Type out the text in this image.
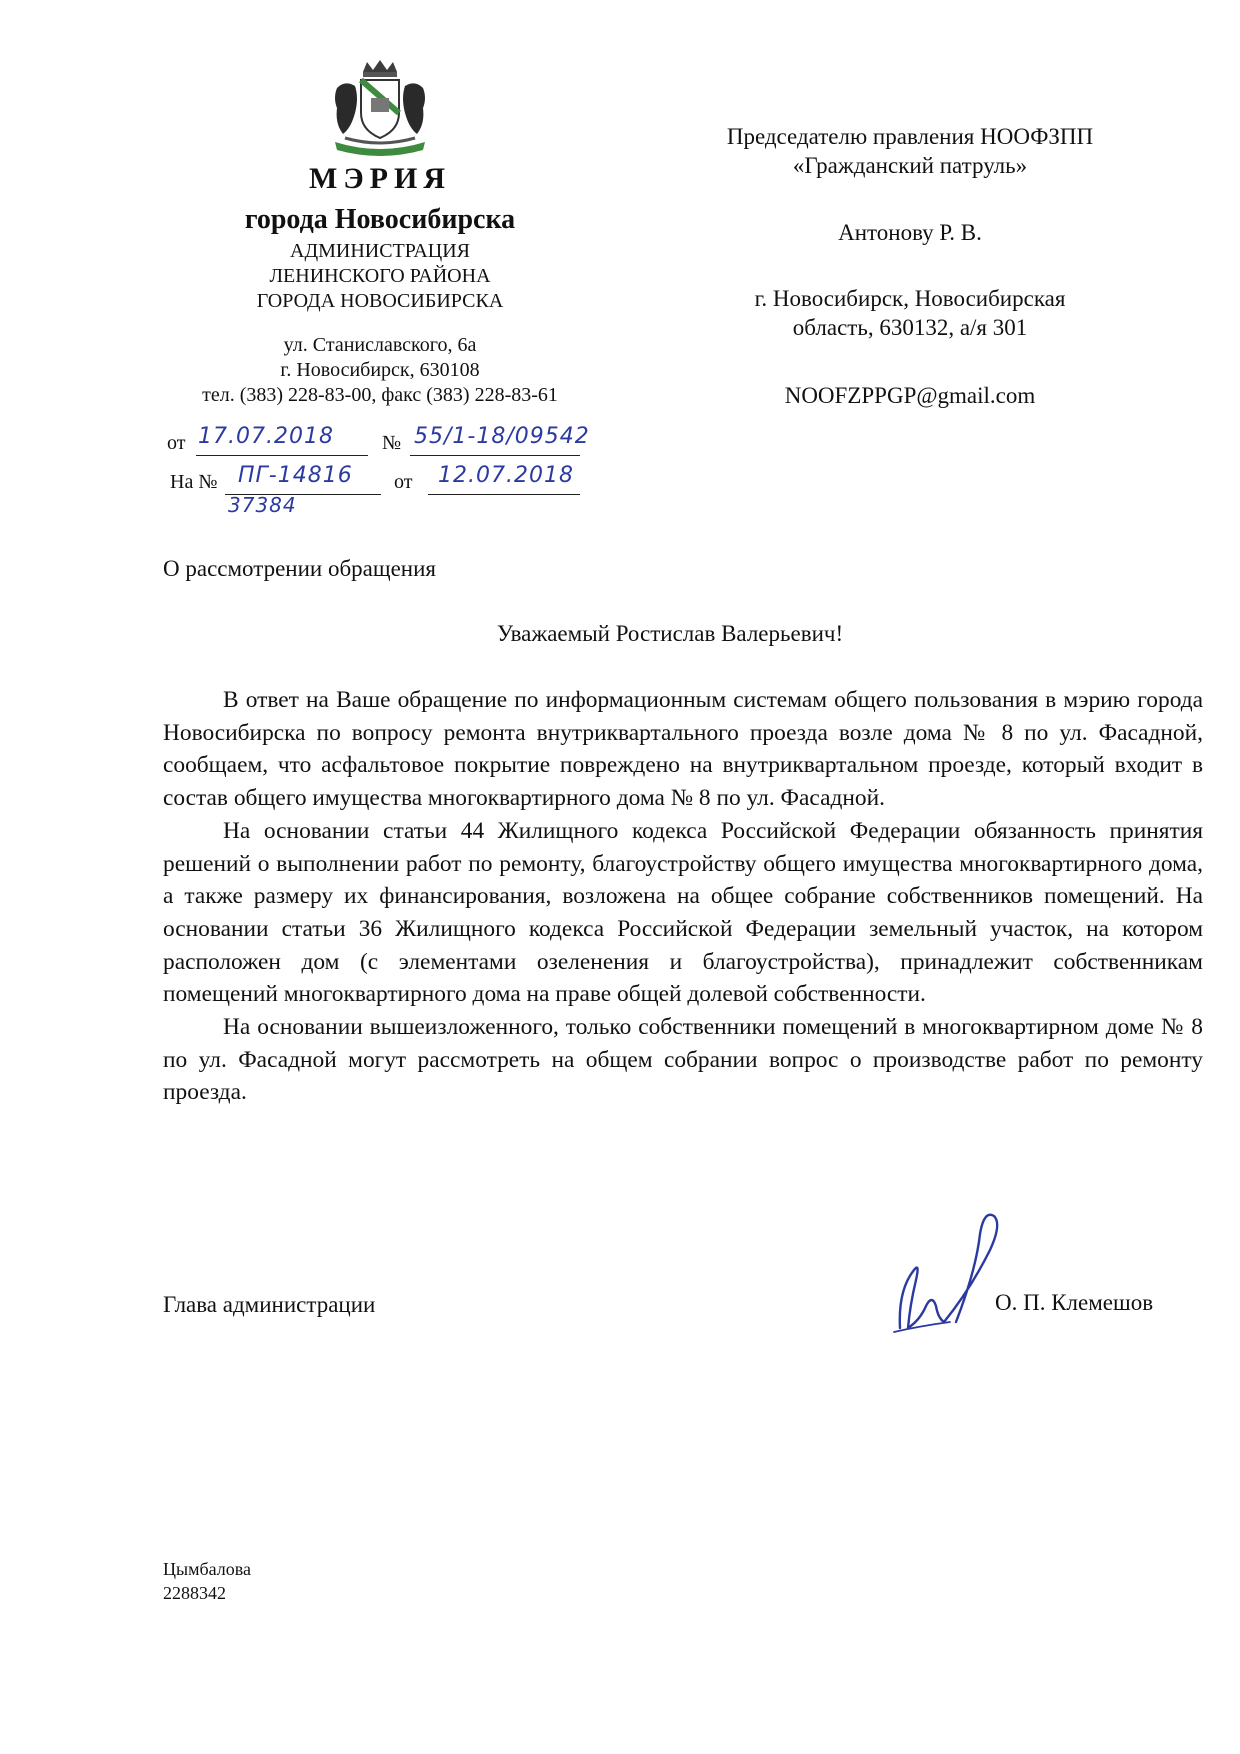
МЭРИЯ
города Новосибирска
АДМИНИСТРАЦИЯ
ЛЕНИНСКОГО РАЙОНА
ГОРОДА НОВОСИБИРСКА
ул. Станиславского, 6а
г. Новосибирск, 630108
тел. (383) 228-83-00, факс (383) 228-83-61
от 17.07.2018 № 55/1-18/09542
На № ПГ-14816
37384
от 12.07.2018
Председателю правления НООФЗПП
«Гражданский патруль»
Антонову Р. В.
г. Новосибирск, Новосибирская
область, 630132, а/я 301
NOOFZPPGP@gmail.com
О рассмотрении обращения
Уважаемый Ростислав Валерьевич!

В ответ на Ваше обращение по информационным системам общего пользования в мэрию города Новосибирска по вопросу ремонта внутриквартального проезда возле дома № 8 по ул. Фасадной, сообщаем, что асфальтовое покрытие повреждено на внутриквартальном проезде, который входит в состав общего имущества многоквартирного дома № 8 по ул. Фасадной.

На основании статьи 44 Жилищного кодекса Российской Федерации обязанность принятия решений о выполнении работ по ремонту, благоустройству общего имущества многоквартирного дома, а также размеру их финансирования, возложена на общее собрание собственников помещений. На основании статьи 36 Жилищного кодекса Российской Федерации земельный участок, на котором расположен дом (с элементами озеленения и благоустройства), принадлежит собственникам помещений многоквартирного дома на праве общей долевой собственности.

На основании вышеизложенного, только собственники помещений в многоквартирном доме № 8 по ул. Фасадной могут рассмотреть на общем собрании вопрос о производстве работ по ремонту проезда.

Глава администрации	О. П. Клемешов
Цымбалова
2288342
